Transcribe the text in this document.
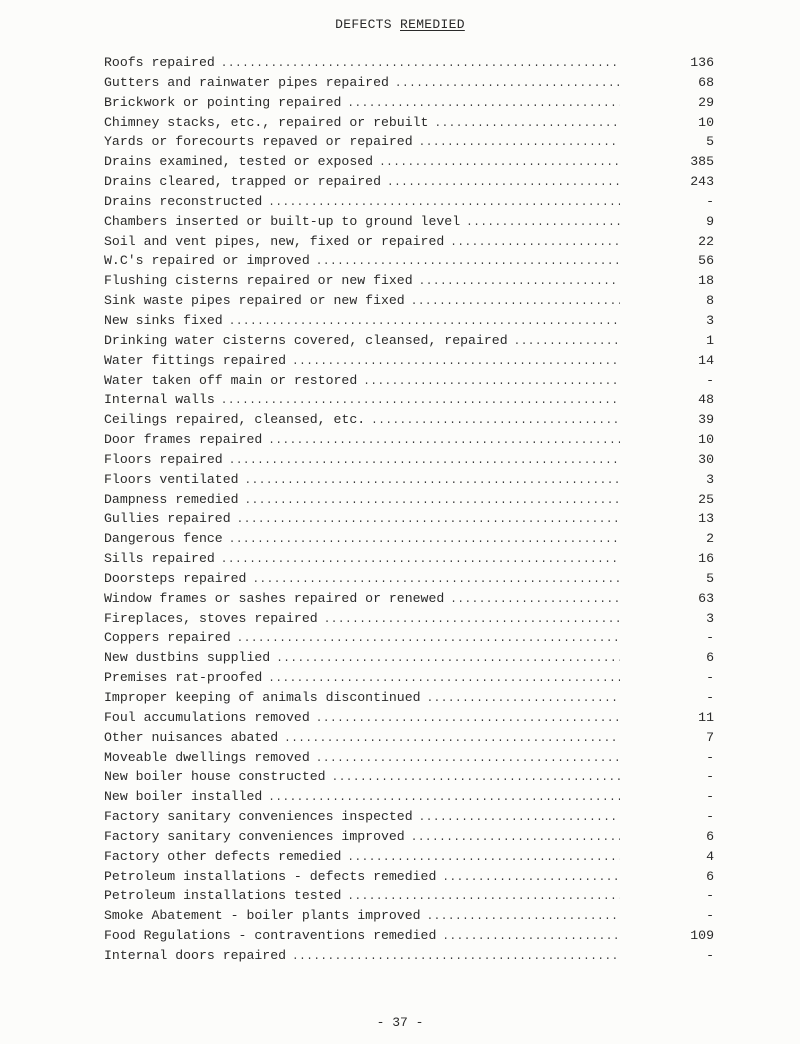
DEFECTS REMEDIED
Roofs repaired .....	136
Gutters and rainwater pipes repaired .....	68
Brickwork or pointing repaired .....	29
Chimney stacks, etc., repaired or rebuilt .....	10
Yards or forecourts repaved or repaired .....	5
Drains examined, tested or exposed .....	385
Drains cleared, trapped or repaired .....	243
Drains reconstructed .....	-
Chambers inserted or built-up to ground level .....	9
Soil and vent pipes, new, fixed or repaired .....	22
W.C's repaired or improved .....	56
Flushing cisterns repaired or new fixed .....	18
Sink waste pipes repaired or new fixed .....	8
New sinks fixed .....	3
Drinking water cisterns covered, cleansed, repaired .....	1
Water fittings repaired .....	14
Water taken off main or restored .....	-
Internal walls .....	48
Ceilings repaired, cleansed, etc. .....	39
Door frames repaired .....	10
Floors repaired .....	30
Floors ventilated .....	3
Dampness remedied .....	25
Gullies repaired .....	13
Dangerous fence .....	2
Sills repaired .....	16
Doorsteps repaired .....	5
Window frames or sashes repaired or renewed .....	63
Fireplaces, stoves repaired .....	3
Coppers repaired .....	-
New dustbins supplied .....	6
Premises rat-proofed .....	-
Improper keeping of animals discontinued .....	-
Foul accumulations removed .....	11
Other nuisances abated .....	7
Moveable dwellings removed .....	-
New boiler house constructed .....	-
New boiler installed .....	-
Factory sanitary conveniences inspected .....	-
Factory sanitary conveniences improved .....	6
Factory other defects remedied .....	4
Petroleum installations - defects remedied .....	6
Petroleum installations tested .....	-
Smoke Abatement - boiler plants improved .....	-
Food Regulations - contraventions remedied .....	109
Internal doors repaired .....	-
- 37 -
